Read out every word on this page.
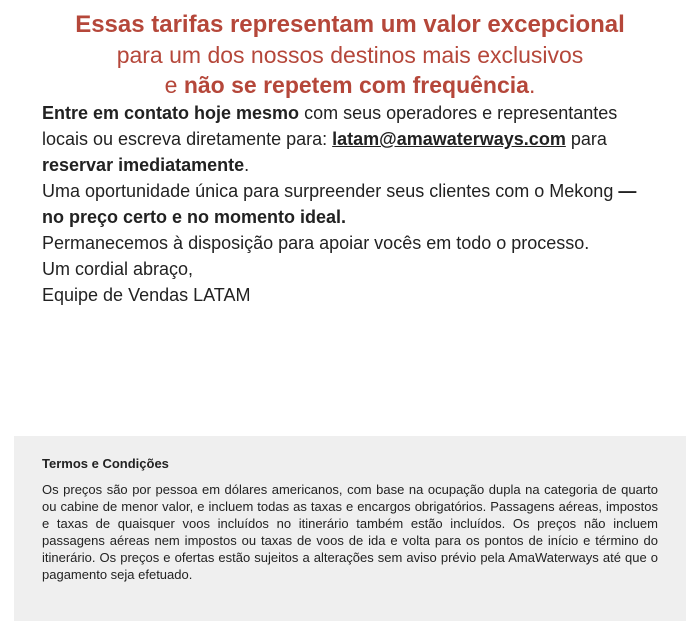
Essas tarifas representam um valor excepcional
para um dos nossos destinos mais exclusivos
e não se repetem com frequência.

Entre em contato hoje mesmo com seus operadores e representantes locais ou escreva diretamente para: latam@amawaterways.com para reservar imediatamente.

Uma oportunidade única para surpreender seus clientes com o Mekong — no preço certo e no momento ideal.

Permanecemos à disposição para apoiar vocês em todo o processo.

Um cordial abraço,

Equipe de Vendas LATAM

Termos e Condições

Os preços são por pessoa em dólares americanos, com base na ocupação dupla na categoria de quarto ou cabine de menor valor, e incluem todas as taxas e encargos obrigatórios. Passagens aéreas, impostos e taxas de quaisquer voos incluídos no itinerário também estão incluídos. Os preços não incluem passagens aéreas nem impostos ou taxas de voos de ida e volta para os pontos de início e término do itinerário. Os preços e ofertas estão sujeitos a alterações sem aviso prévio pela AmaWaterways até que o pagamento seja efetuado.
